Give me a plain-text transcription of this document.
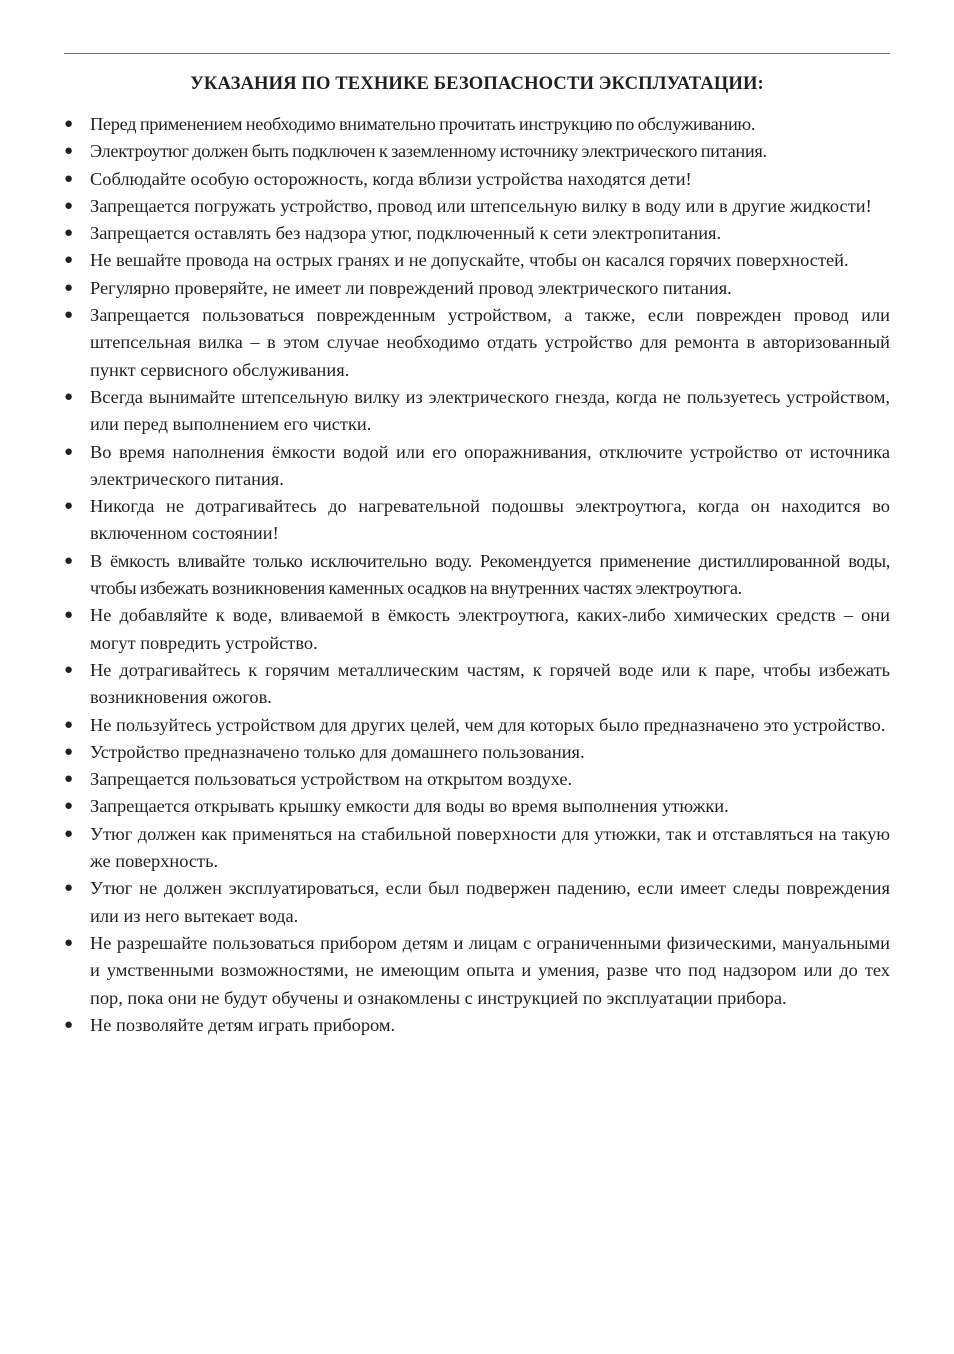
УКАЗАНИЯ ПО ТЕХНИКЕ БЕЗОПАСНОСТИ ЭКСПЛУАТАЦИИ:
● Перед применением необходимо внимательно прочитать инструкцию по обслуживанию.
● Электроутюг должен быть подключен к заземленному источнику электрического питания.
● Соблюдайте особую осторожность, когда вблизи устройства находятся дети!
● Запрещается погружать устройство, провод или штепсельную вилку в воду или в другие жидкости!
● Запрещается оставлять без надзора утюг, подключенный к сети электропитания.
● Не вешайте провода на острых гранях и не допускайте, чтобы он касался горячих поверхностей.
● Регулярно проверяйте, не имеет ли повреждений провод электрического питания.
● Запрещается пользоваться поврежденным устройством, а также, если поврежден провод или штепсельная вилка – в этом случае необходимо отдать устройство для ремонта в авторизованный пункт сервисного обслуживания.
● Всегда вынимайте штепсельную вилку из электрического гнезда, когда не пользуетесь устройством, или перед выполнением его чистки.
● Во время наполнения ёмкости водой или его опоражнивания, отключите устройство от источника электрического питания.
● Никогда не дотрагивайтесь до нагревательной подошвы электроутюга, когда он находится во включенном состоянии!
● В ёмкость вливайте только исключительно воду. Рекомендуется применение дистиллированной воды, чтобы избежать возникновения каменных осадков на внутренних частях электроутюга.
● Не добавляйте к воде, вливаемой в ёмкость электроутюга, каких-либо химических средств – они могут повредить устройство.
● Не дотрагивайтесь к горячим металлическим частям, к горячей воде или к паре, чтобы избежать возникновения ожогов.
● Не пользуйтесь устройством для других целей, чем для которых было предназначено это устройство.
● Устройство предназначено только для домашнего пользования.
● Запрещается пользоваться устройством на открытом воздухе.
● Запрещается открывать крышку емкости для воды во время выполнения утюжки.
● Утюг должен как применяться на стабильной поверхности для утюжки, так и отставляться на такую же поверхность.
● Утюг не должен эксплуатироваться, если был подвержен падению, если имеет следы повреждения или из него вытекает вода.
● Не разрешайте пользоваться прибором детям и лицам с ограниченными физическими, мануальными и умственными возможностями, не имеющим опыта и умения, разве что под надзором или до тех пор, пока они не будут обучены и ознакомлены с инструкцией по эксплуатации прибора.
● Не позволяйте детям играть прибором.
